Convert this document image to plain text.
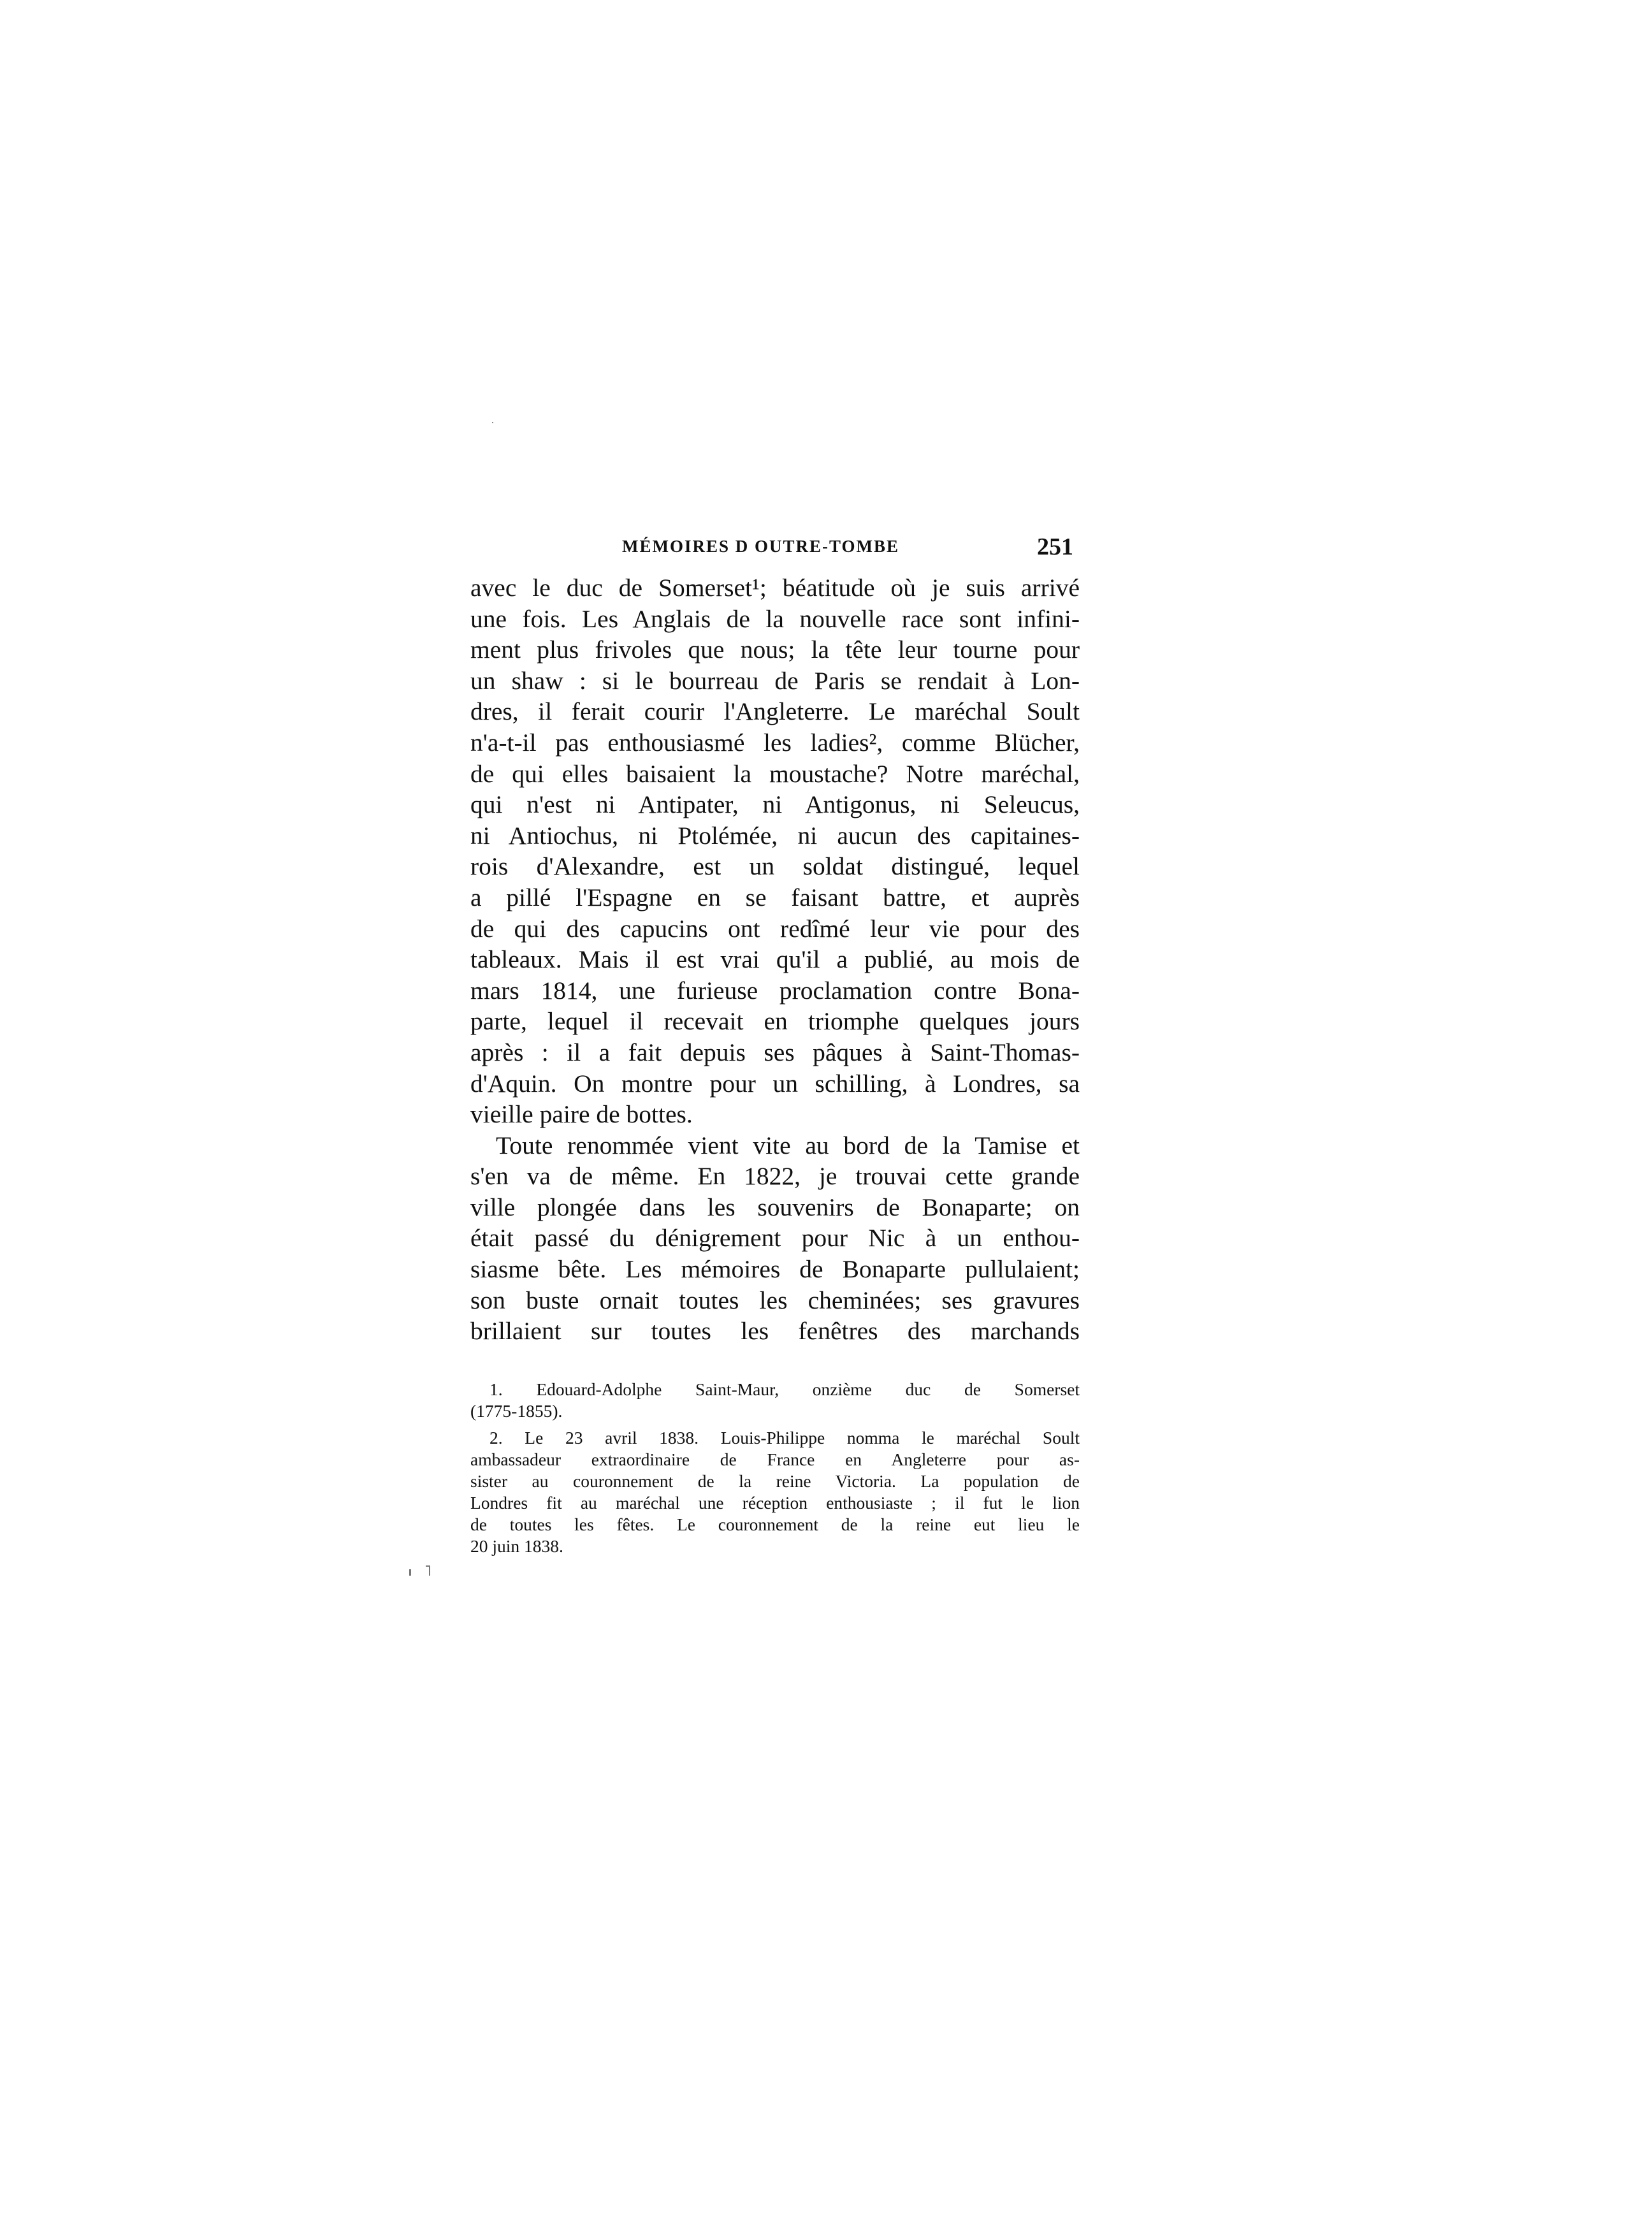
MÉMOIRES D OUTRE-TOMBE	251
avec le duc de Somerset¹; béatitude où je suis arrivé
une fois. Les Anglais de la nouvelle race sont infini-
ment plus frivoles que nous; la tête leur tourne pour
un shaw : si le bourreau de Paris se rendait à Lon-
dres, il ferait courir l'Angleterre. Le maréchal Soult
n'a-t-il pas enthousiasmé les ladies², comme Blücher,
de qui elles baisaient la moustache? Notre maréchal,
qui n'est ni Antipater, ni Antigonus, ni Seleucus,
ni Antiochus, ni Ptolémée, ni aucun des capitaines-
rois d'Alexandre, est un soldat distingué, lequel
a pillé l'Espagne en se faisant battre, et auprès
de qui des capucins ont redîmé leur vie pour des
tableaux. Mais il est vrai qu'il a publié, au mois de
mars 1814, une furieuse proclamation contre Bona-
parte, lequel il recevait en triomphe quelques jours
après : il a fait depuis ses pâques à Saint-Thomas-
d'Aquin. On montre pour un schilling, à Londres, sa
vieille paire de bottes.
Toute renommée vient vite au bord de la Tamise et
s'en va de même. En 1822, je trouvai cette grande
ville plongée dans les souvenirs de Bonaparte; on
était passé du dénigrement pour Nic à un enthou-
siasme bête. Les mémoires de Bonaparte pullulaient;
son buste ornait toutes les cheminées; ses gravures
brillaient sur toutes les fenêtres des marchands
1. Edouard-Adolphe Saint-Maur, onzième duc de Somerset
(1775-1855).
2. Le 23 avril 1838. Louis-Philippe nomma le maréchal Soult
ambassadeur extraordinaire de France en Angleterre pour as-
sister au couronnement de la reine Victoria. La population de
Londres fit au maréchal une réception enthousiaste ; il fut le lion
de toutes les fêtes. Le couronnement de la reine eut lieu le
20 juin 1838.
